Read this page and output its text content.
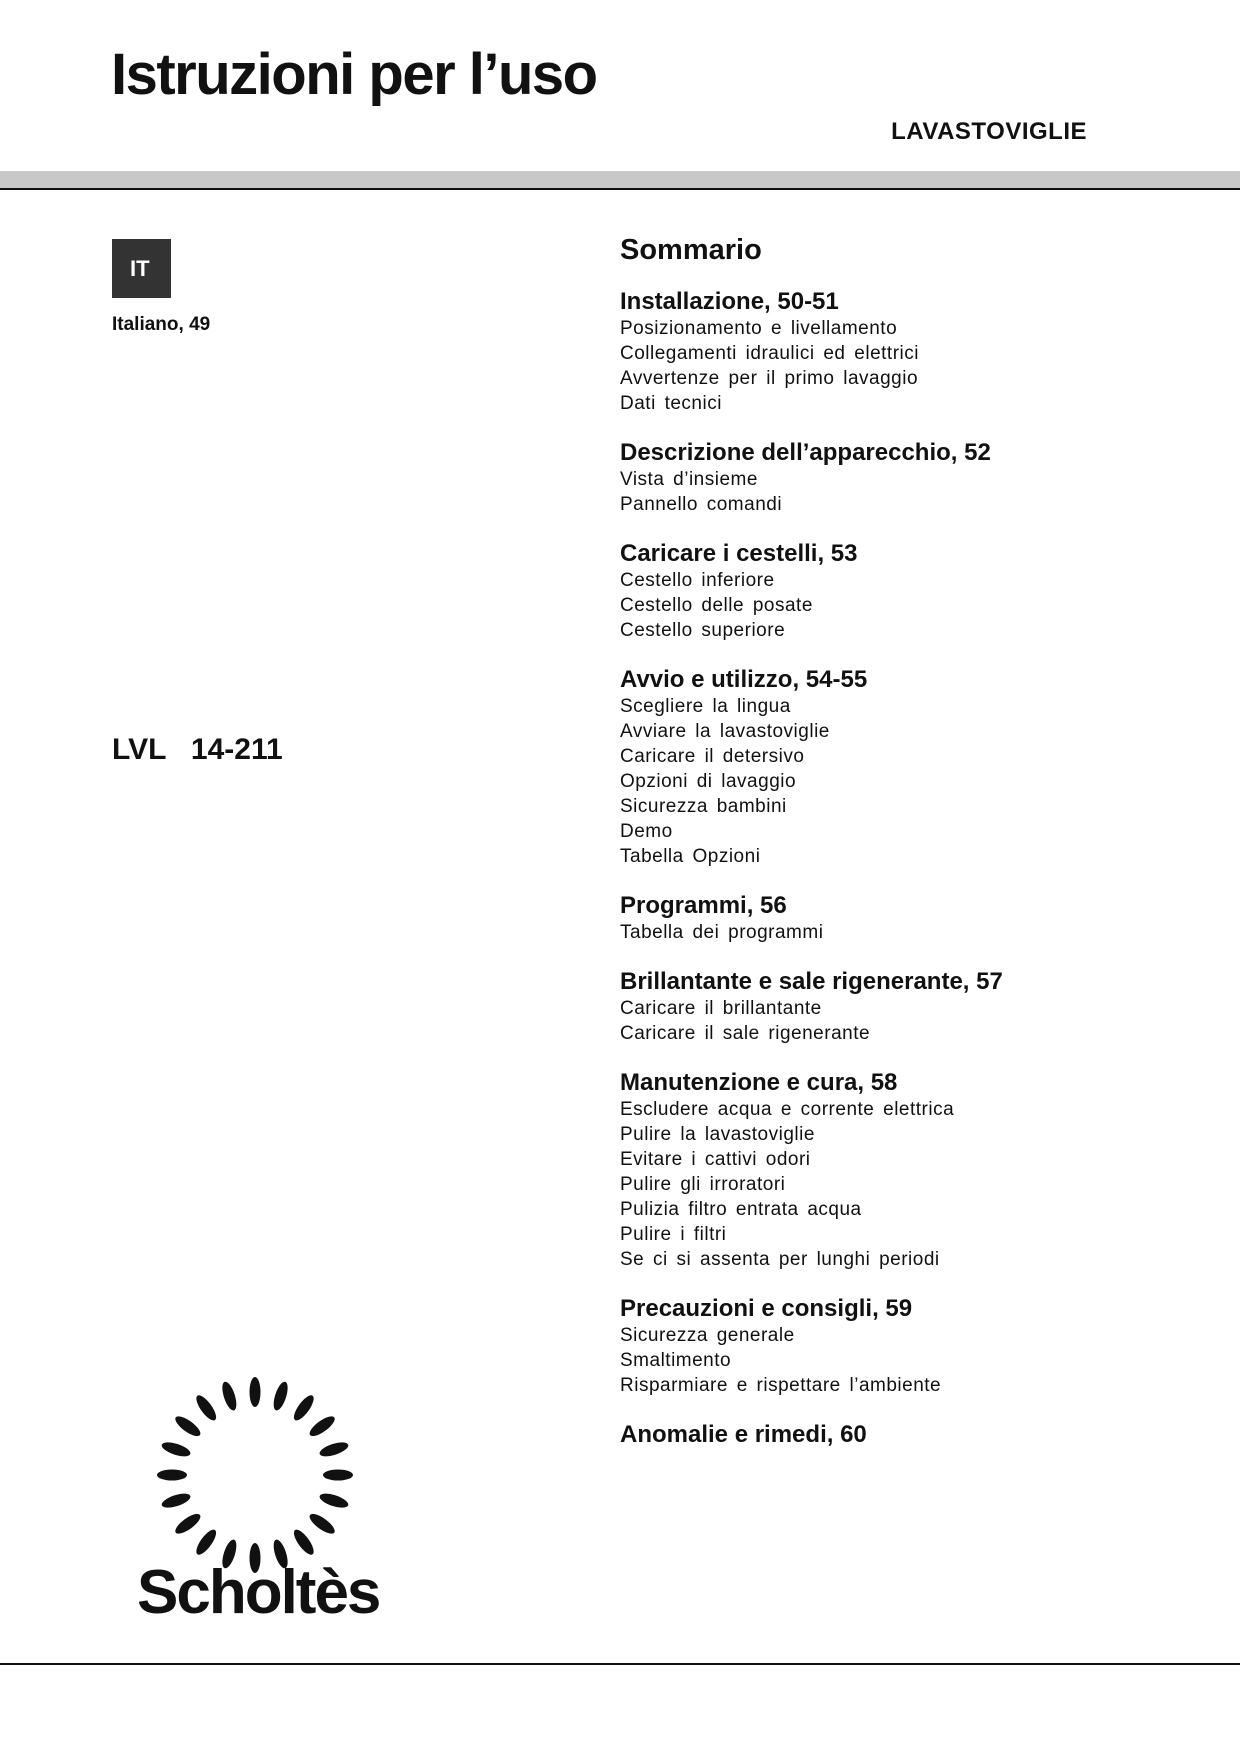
Istruzioni per l’uso
LAVASTOVIGLIE
IT
Italiano, 49
LVL   14-211
Scholtès
Sommario
Installazione, 50-51
Posizionamento e livellamento
Collegamenti idraulici ed elettrici
Avvertenze per il primo lavaggio
Dati tecnici
Descrizione dell’apparecchio, 52
Vista d’insieme
Pannello comandi
Caricare i cestelli, 53
Cestello inferiore
Cestello delle posate
Cestello superiore
Avvio e utilizzo, 54-55
Scegliere la lingua
Avviare la lavastoviglie
Caricare il detersivo
Opzioni di lavaggio
Sicurezza bambini
Demo
Tabella Opzioni
Programmi, 56
Tabella dei programmi
Brillantante e sale rigenerante, 57
Caricare il brillantante
Caricare il sale rigenerante
Manutenzione e cura, 58
Escludere acqua e corrente elettrica
Pulire la lavastoviglie
Evitare i cattivi odori
Pulire gli irroratori
Pulizia filtro entrata acqua
Pulire i filtri
Se ci si assenta per lunghi periodi
Precauzioni e consigli, 59
Sicurezza generale
Smaltimento
Risparmiare e rispettare l’ambiente
Anomalie e rimedi, 60
